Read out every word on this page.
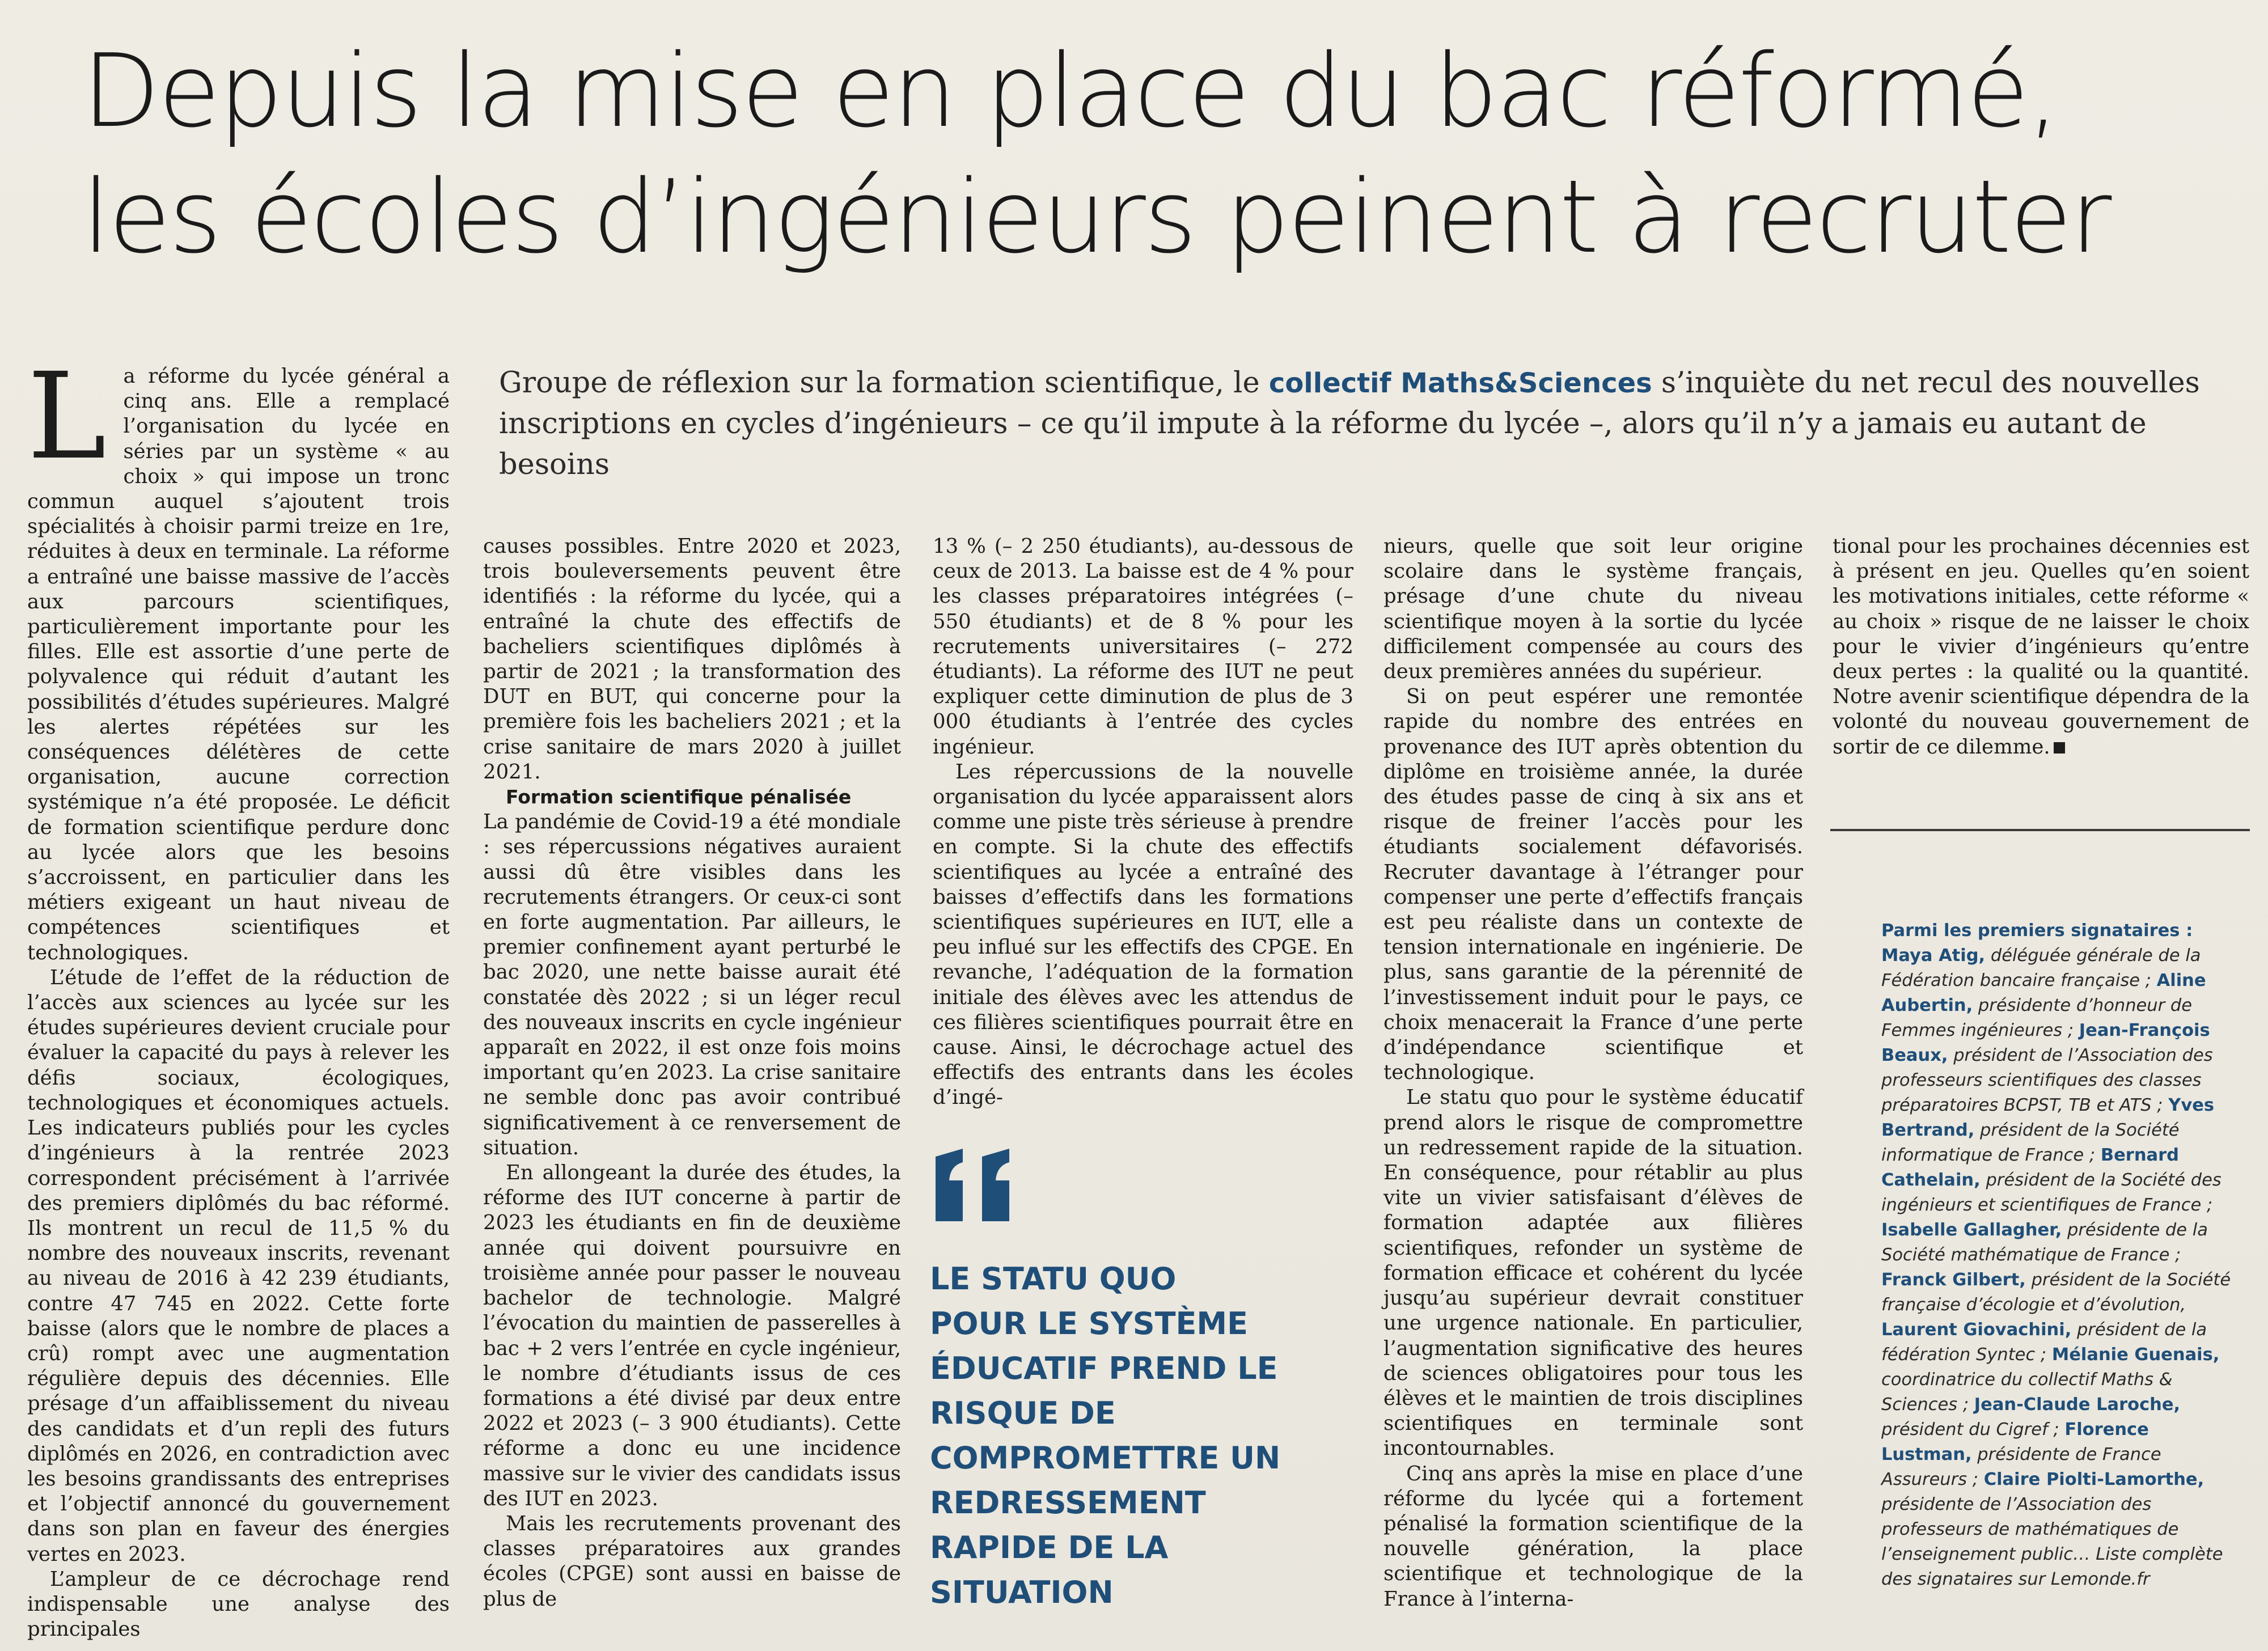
Depuis la mise en place du bac réformé,
les écoles d’ingénieurs peinent à recruter
Groupe de réflexion sur la formation scientifique, le collectif Maths&Sciences s’inquiète du net recul des nouvelles inscriptions en cycles d’ingénieurs – ce qu’il impute à la réforme du lycée –, alors qu’il n’y a jamais eu autant de besoins
L a réforme du lycée général a cinq ans. Elle a remplacé l’organisation du lycée en séries par un système « au choix » qui impose un tronc commun auquel s’ajoutent trois spécialités à choisir parmi treize en 1re, réduites à deux en terminale. La réforme a entraîné une baisse massive de l’accès aux parcours scientifiques, particulièrement importante pour les filles. Elle est assortie d’une perte de polyvalence qui réduit d’autant les possibilités d’études supérieures. Malgré les alertes répétées sur les conséquences délétères de cette organisation, aucune correction systémique n’a été proposée. Le déficit de formation scientifique perdure donc au lycée alors que les besoins s’accroissent, en particulier dans les métiers exigeant un haut niveau de compétences scientifiques et technologiques.

L’étude de l’effet de la réduction de l’accès aux sciences au lycée sur les études supérieures devient cruciale pour évaluer la capacité du pays à relever les défis sociaux, écologiques, technologiques et économiques actuels. Les indicateurs publiés pour les cycles d’ingénieurs à la rentrée 2023 correspondent précisément à l’arrivée des premiers diplômés du bac réformé. Ils montrent un recul de 11,5 % du nombre des nouveaux inscrits, revenant au niveau de 2016 à 42 239 étudiants, contre 47 745 en 2022. Cette forte baisse (alors que le nombre de places a crû) rompt avec une augmentation régulière depuis des décennies. Elle présage d’un affaiblissement du niveau des candidats et d’un repli des futurs diplômés en 2026, en contradiction avec les besoins grandissants des entreprises et l’objectif annoncé du gouvernement dans son plan en faveur des énergies vertes en 2023.

L’ampleur de ce décrochage rend indispensable une analyse des principales

causes possibles. Entre 2020 et 2023, trois bouleversements peuvent être identifiés : la réforme du lycée, qui a entraîné la chute des effectifs de bacheliers scientifiques diplômés à partir de 2021 ; la transformation des DUT en BUT, qui concerne pour la première fois les bacheliers 2021 ; et la crise sanitaire de mars 2020 à juillet 2021.

Formation scientifique pénalisée

La pandémie de Covid-19 a été mondiale : ses répercussions négatives auraient aussi dû être visibles dans les recrutements étrangers. Or ceux-ci sont en forte augmentation. Par ailleurs, le premier confinement ayant perturbé le bac 2020, une nette baisse aurait été constatée dès 2022 ; si un léger recul des nouveaux inscrits en cycle ingénieur apparaît en 2022, il est onze fois moins important qu’en 2023. La crise sanitaire ne semble donc pas avoir contribué significativement à ce renversement de situation.

En allongeant la durée des études, la réforme des IUT concerne à partir de 2023 les étudiants en fin de deuxième année qui doivent poursuivre en troisième année pour passer le nouveau bachelor de technologie. Malgré l’évocation du maintien de passerelles à bac + 2 vers l’entrée en cycle ingénieur, le nombre d’étudiants issus de ces formations a été divisé par deux entre 2022 et 2023 (– 3 900 étudiants). Cette réforme a donc eu une incidence massive sur le vivier des candidats issus des IUT en 2023.

Mais les recrutements provenant des classes préparatoires aux grandes écoles (CPGE) sont aussi en baisse de plus de

13 % (– 2 250 étudiants), au-dessous de ceux de 2013. La baisse est de 4 % pour les classes préparatoires intégrées (– 550 étudiants) et de 8 % pour les recrutements universitaires (– 272 étudiants). La réforme des IUT ne peut expliquer cette diminution de plus de 3 000 étudiants à l’entrée des cycles ingénieur.

Les répercussions de la nouvelle organisation du lycée apparaissent alors comme une piste très sérieuse à prendre en compte. Si la chute des effectifs scientifiques au lycée a entraîné des baisses d’effectifs dans les formations scientifiques supérieures en IUT, elle a peu influé sur les effectifs des CPGE. En revanche, l’adéquation de la formation initiale des élèves avec les attendus de ces filières scientifiques pourrait être en cause. Ainsi, le décrochage actuel des effectifs des entrants dans les écoles d’ingé-

LE STATU QUO POUR LE SYSTÈME ÉDUCATIF PREND LE RISQUE DE COMPROMETTRE UN REDRESSEMENT RAPIDE DE LA SITUATION

nieurs, quelle que soit leur origine scolaire dans le système français, présage d’une chute du niveau scientifique moyen à la sortie du lycée difficilement compensée au cours des deux premières années du supérieur.

Si on peut espérer une remontée rapide du nombre des entrées en provenance des IUT après obtention du diplôme en troisième année, la durée des études passe de cinq à six ans et risque de freiner l’accès pour les étudiants socialement défavorisés. Recruter davantage à l’étranger pour compenser une perte d’effectifs français est peu réaliste dans un contexte de tension internationale en ingénierie. De plus, sans garantie de la pérennité de l’investissement induit pour le pays, ce choix menacerait la France d’une perte d’indépendance scientifique et technologique.

Le statu quo pour le système éducatif prend alors le risque de compromettre un redressement rapide de la situation. En conséquence, pour rétablir au plus vite un vivier satisfaisant d’élèves de formation adaptée aux filières scientifiques, refonder un système de formation efficace et cohérent du lycée jusqu’au supérieur devrait constituer une urgence nationale. En particulier, l’augmentation significative des heures de sciences obligatoires pour tous les élèves et le maintien de trois disciplines scientifiques en terminale sont incontournables.

Cinq ans après la mise en place d’une réforme du lycée qui a fortement pénalisé la formation scientifique de la nouvelle génération, la place scientifique et technologique de la France à l’interna-

tional pour les prochaines décennies est à présent en jeu. Quelles qu’en soient les motivations initiales, cette réforme « au choix » risque de ne laisser le choix pour le vivier d’ingénieurs qu’entre deux pertes : la qualité ou la quantité. Notre avenir scientifique dépendra de la volonté du nouveau gouvernement de sortir de ce dilemme.

Parmi les premiers signataires : Maya Atig, déléguée générale de la Fédération bancaire française ; Aline Aubertin, présidente d’honneur de Femmes ingénieures ; Jean-François Beaux, président de l’Association des professeurs scientifiques des classes préparatoires BCPST, TB et ATS ; Yves Bertrand, président de la Société informatique de France ; Bernard Cathelain, président de la Société des ingénieurs et scientifiques de France ; Isabelle Gallagher, présidente de la Société mathématique de France ; Franck Gilbert, président de la Société française d’écologie et d’évolution, Laurent Giovachini, président de la fédération Syntec ; Mélanie Guenais, coordinatrice du collectif Maths & Sciences ; Jean-Claude Laroche, président du Cigref ; Florence Lustman, présidente de France Assureurs ; Claire Piolti-Lamorthe, présidente de l’Association des professeurs de mathématiques de l’enseignement public… Liste complète des signataires sur Lemonde.fr
